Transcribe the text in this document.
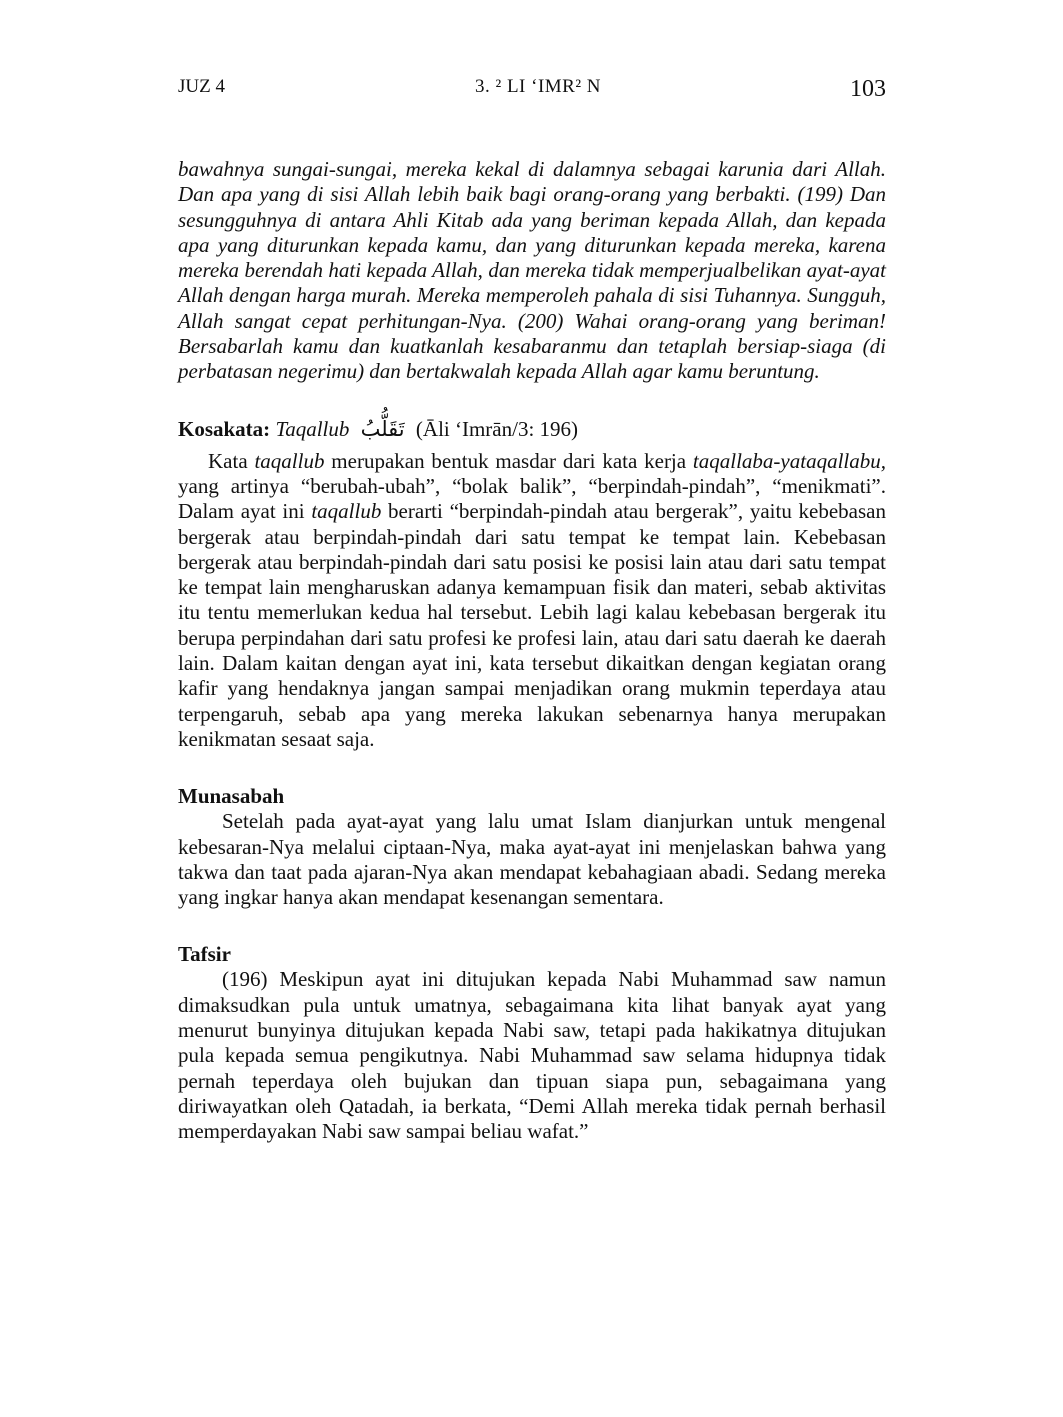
JUZ 4	3. ² LI ‘IMR² N	103

bawahnya sungai-sungai, mereka kekal di dalamnya sebagai karunia dari Allah. Dan apa yang di sisi Allah lebih baik bagi orang-orang yang berbakti. (199) Dan sesungguhnya di antara Ahli Kitab ada yang beriman kepada Allah, dan kepada apa yang diturunkan kepada kamu, dan yang diturunkan kepada mereka, karena mereka berendah hati kepada Allah, dan mereka tidak memperjualbelikan ayat-ayat Allah dengan harga murah. Mereka memperoleh pahala di sisi Tuhannya. Sungguh, Allah sangat cepat perhitungan-Nya. (200) Wahai orang-orang yang beriman! Bersabarlah kamu dan kuatkanlah kesabaranmu dan tetaplah bersiap-siaga (di perbatasan negerimu) dan bertakwalah kepada Allah agar kamu beruntung.

Kosakata: Taqallub تَقَلُّبُ (Āli ‘Imrān/3: 196)

Kata taqallub merupakan bentuk masdar dari kata kerja taqallaba-yataqallabu, yang artinya “berubah-ubah”, “bolak balik”, “berpindah-pindah”, “menikmati”. Dalam ayat ini taqallub berarti “berpindah-pindah atau bergerak”, yaitu kebebasan bergerak atau berpindah-pindah dari satu tempat ke tempat lain. Kebebasan bergerak atau berpindah-pindah dari satu posisi ke posisi lain atau dari satu tempat ke tempat lain mengharuskan adanya kemampuan fisik dan materi, sebab aktivitas itu tentu memerlukan kedua hal tersebut. Lebih lagi kalau kebebasan bergerak itu berupa perpindahan dari satu profesi ke profesi lain, atau dari satu daerah ke daerah lain. Dalam kaitan dengan ayat ini, kata tersebut dikaitkan dengan kegiatan orang kafir yang hendaknya jangan sampai menjadikan orang mukmin teperdaya atau terpengaruh, sebab apa yang mereka lakukan sebenarnya hanya merupakan kenikmatan sesaat saja.

Munasabah

Setelah pada ayat-ayat yang lalu umat Islam dianjurkan untuk mengenal kebesaran-Nya melalui ciptaan-Nya, maka ayat-ayat ini menjelaskan bahwa yang takwa dan taat pada ajaran-Nya akan mendapat kebahagiaan abadi. Sedang mereka yang ingkar hanya akan mendapat kesenangan sementara.

Tafsir

(196) Meskipun ayat ini ditujukan kepada Nabi Muhammad saw namun dimaksudkan pula untuk umatnya, sebagaimana kita lihat banyak ayat yang menurut bunyinya ditujukan kepada Nabi saw, tetapi pada hakikatnya ditujukan pula kepada semua pengikutnya. Nabi Muhammad saw selama hidupnya tidak pernah teperdaya oleh bujukan dan tipuan siapa pun, sebagaimana yang diriwayatkan oleh Qatadah, ia berkata, “Demi Allah mereka tidak pernah berhasil memperdayakan Nabi saw sampai beliau wafat.”
